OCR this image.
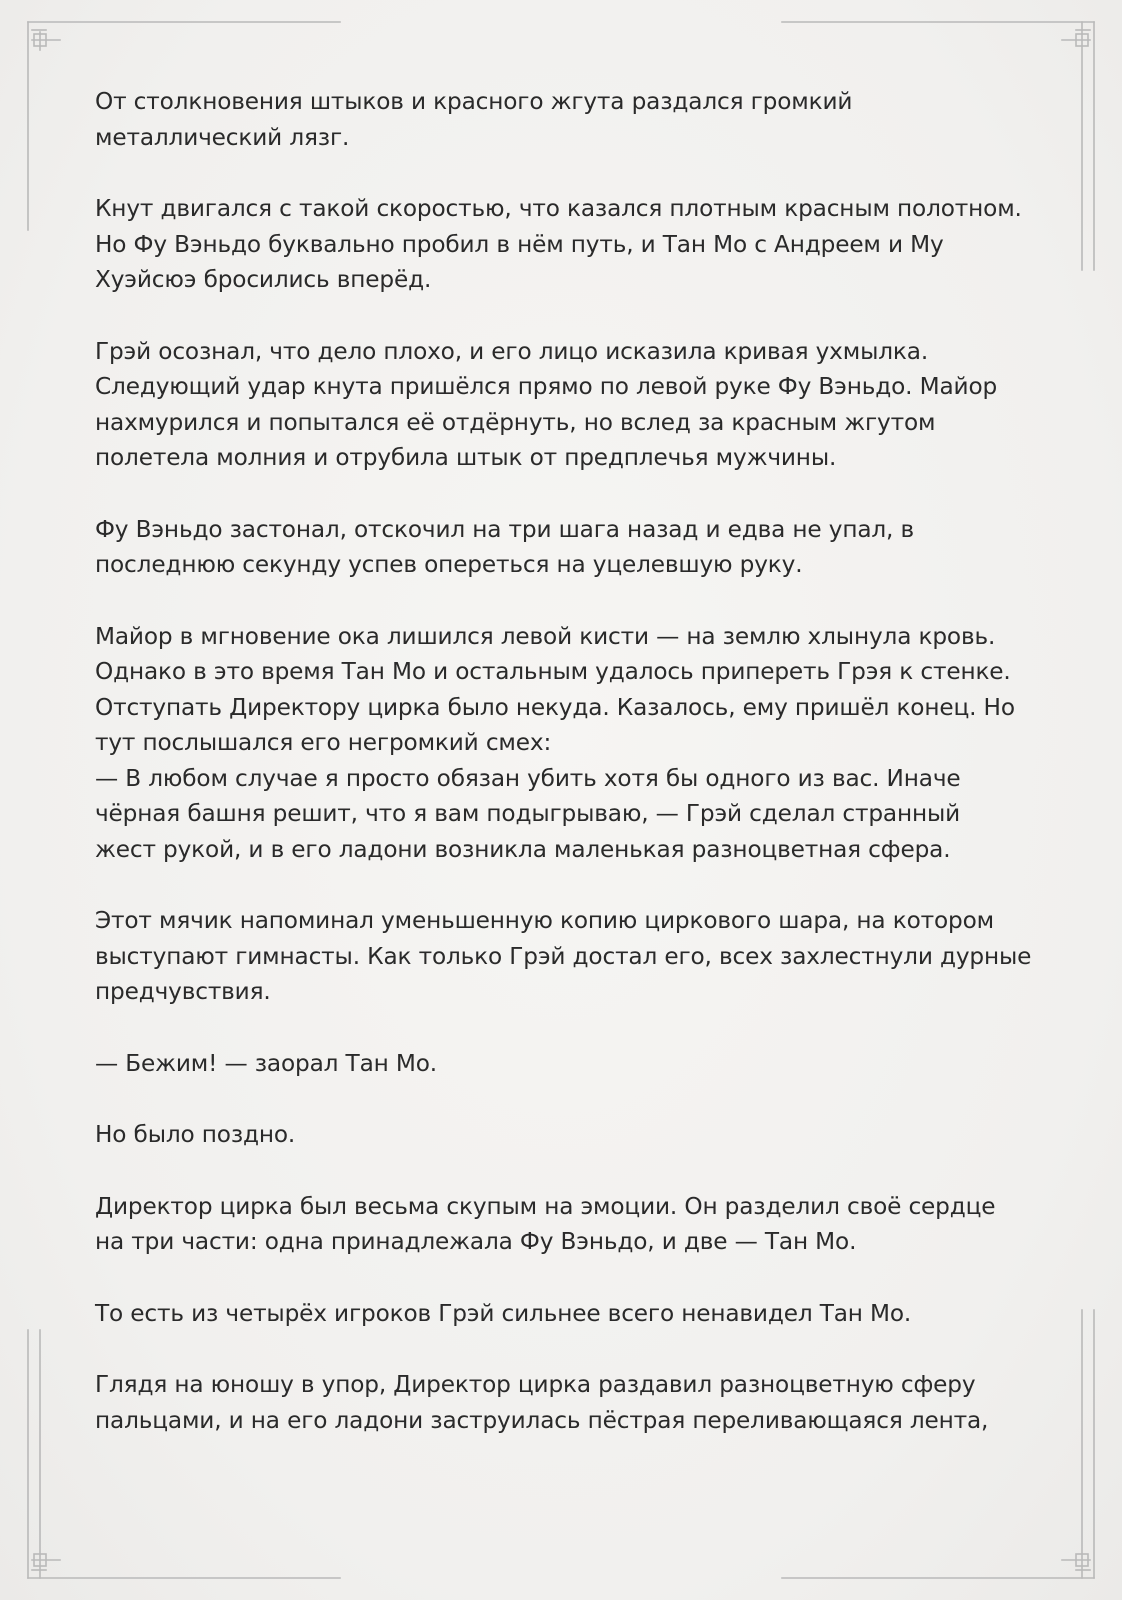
От столкновения штыков и красного жгута раздался громкий
металлический лязг.

Кнут двигался с такой скоростью, что казался плотным красным полотном.
Но Фу Вэньдо буквально пробил в нём путь, и Тан Мо с Андреем и Му
Хуэйсюэ бросились вперёд.

Грэй осознал, что дело плохо, и его лицо исказила кривая ухмылка.
Следующий удар кнута пришёлся прямо по левой руке Фу Вэньдо. Майор
нахмурился и попытался её отдёрнуть, но вслед за красным жгутом
полетела молния и отрубила штык от предплечья мужчины.

Фу Вэньдо застонал, отскочил на три шага назад и едва не упал, в
последнюю секунду успев опереться на уцелевшую руку.

Майор в мгновение ока лишился левой кисти — на землю хлынула кровь.
Однако в это время Тан Мо и остальным удалось припереть Грэя к стенке.
Отступать Директору цирка было некуда. Казалось, ему пришёл конец. Но
тут послышался его негромкий смех:
— В любом случае я просто обязан убить хотя бы одного из вас. Иначе
чёрная башня решит, что я вам подыгрываю, — Грэй сделал странный
жест рукой, и в его ладони возникла маленькая разноцветная сфера.

Этот мячик напоминал уменьшенную копию циркового шара, на котором
выступают гимнасты. Как только Грэй достал его, всех захлестнули дурные
предчувствия.

— Бежим! — заорал Тан Мо.

Но было поздно.

Директор цирка был весьма скупым на эмоции. Он разделил своё сердце
на три части: одна принадлежала Фу Вэньдо, и две — Тан Мо.

То есть из четырёх игроков Грэй сильнее всего ненавидел Тан Мо.

Глядя на юношу в упор, Директор цирка раздавил разноцветную сферу
пальцами, и на его ладони заструилась пёстрая переливающаяся лента,
